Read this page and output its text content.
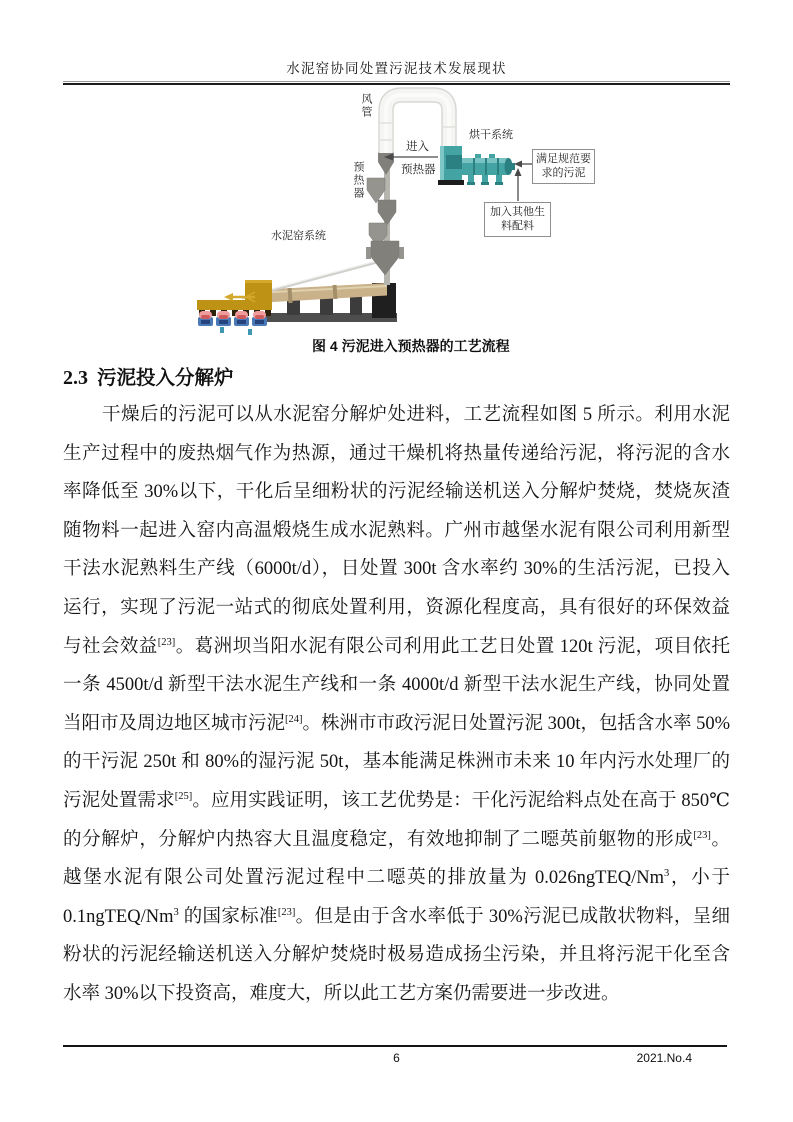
水泥窑协同处置污泥技术发展现状
风管
进入
预热器
烘干系统
预热器
水泥窑系统
满足规范要
求的污泥
加入其他生
料配料
图 4 污泥进入预热器的工艺流程
2.3 污泥投入分解炉
干燥后的污泥可以从水泥窑分解炉处进料，工艺流程如图 5 所示。利用水泥
生产过程中的废热烟气作为热源，通过干燥机将热量传递给污泥，将污泥的含水
率降低至 30%以下，干化后呈细粉状的污泥经输送机送入分解炉焚烧，焚烧灰渣
随物料一起进入窑内高温煅烧生成水泥熟料。广州市越堡水泥有限公司利用新型
干法水泥熟料生产线（6000t/d），日处置 300t 含水率约 30%的生活污泥，已投入
运行，实现了污泥一站式的彻底处置利用，资源化程度高，具有很好的环保效益
与社会效益[23]。葛洲坝当阳水泥有限公司利用此工艺日处置 120t 污泥，项目依托
一条 4500t/d 新型干法水泥生产线和一条 4000t/d 新型干法水泥生产线，协同处置
当阳市及周边地区城市污泥[24]。株洲市市政污泥日处置污泥 300t，包括含水率 50%
的干污泥 250t 和 80%的湿污泥 50t，基本能满足株洲市未来 10 年内污水处理厂的
污泥处置需求[25]。应用实践证明，该工艺优势是：干化污泥给料点处在高于 850℃
的分解炉，分解炉内热容大且温度稳定，有效地抑制了二噁英前躯物的形成[23]。
越堡水泥有限公司处置污泥过程中二噁英的排放量为 0.026ngTEQ/Nm$^3$，小于
0.1ngTEQ/Nm$^3$ 的国家标准[23]。但是由于含水率低于 30%污泥已成散状物料，呈细
粉状的污泥经输送机送入分解炉焚烧时极易造成扬尘污染，并且将污泥干化至含
水率 30%以下投资高，难度大，所以此工艺方案仍需要进一步改进。
6	2021.No.4
